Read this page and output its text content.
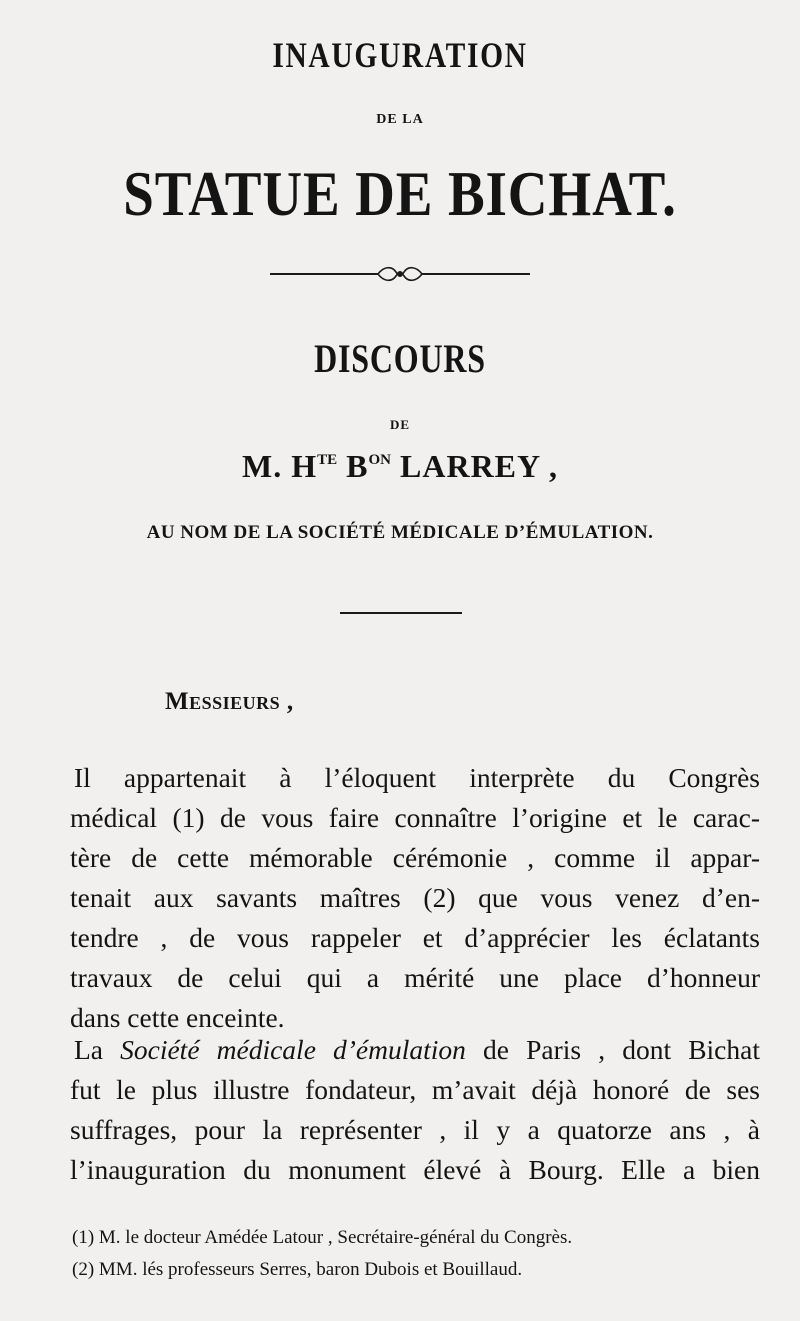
INAUGURATION
DE LA
STATUE DE BICHAT.
DISCOURS
DE
M. $H^{TE}$ $B^{ON}$ LARREY ,
AU NOM DE LA SOCIÉTÉ MÉDICALE D’ÉMULATION.
Messieurs ,
Il appartenait à l’éloquent interprète du Congrès
médical (1) de vous faire connaître l’origine et le carac-
tère de cette mémorable cérémonie , comme il appar-
tenait aux savants maîtres (2) que vous venez d’en-
tendre , de vous rappeler et d’apprécier les éclatants
travaux de celui qui a mérité une place d’honneur
dans cette enceinte.
La Société médicale d’émulation de Paris , dont Bichat
fut le plus illustre fondateur, m’avait déjà honoré de ses
suffrages, pour la représenter , il y a quatorze ans , à
l’inauguration du monument élevé à Bourg. Elle a bien
(1) M. le docteur Amédée Latour , Secrétaire-général du Congrès.
(2) MM. lés professeurs Serres, baron Dubois et Bouillaud.
